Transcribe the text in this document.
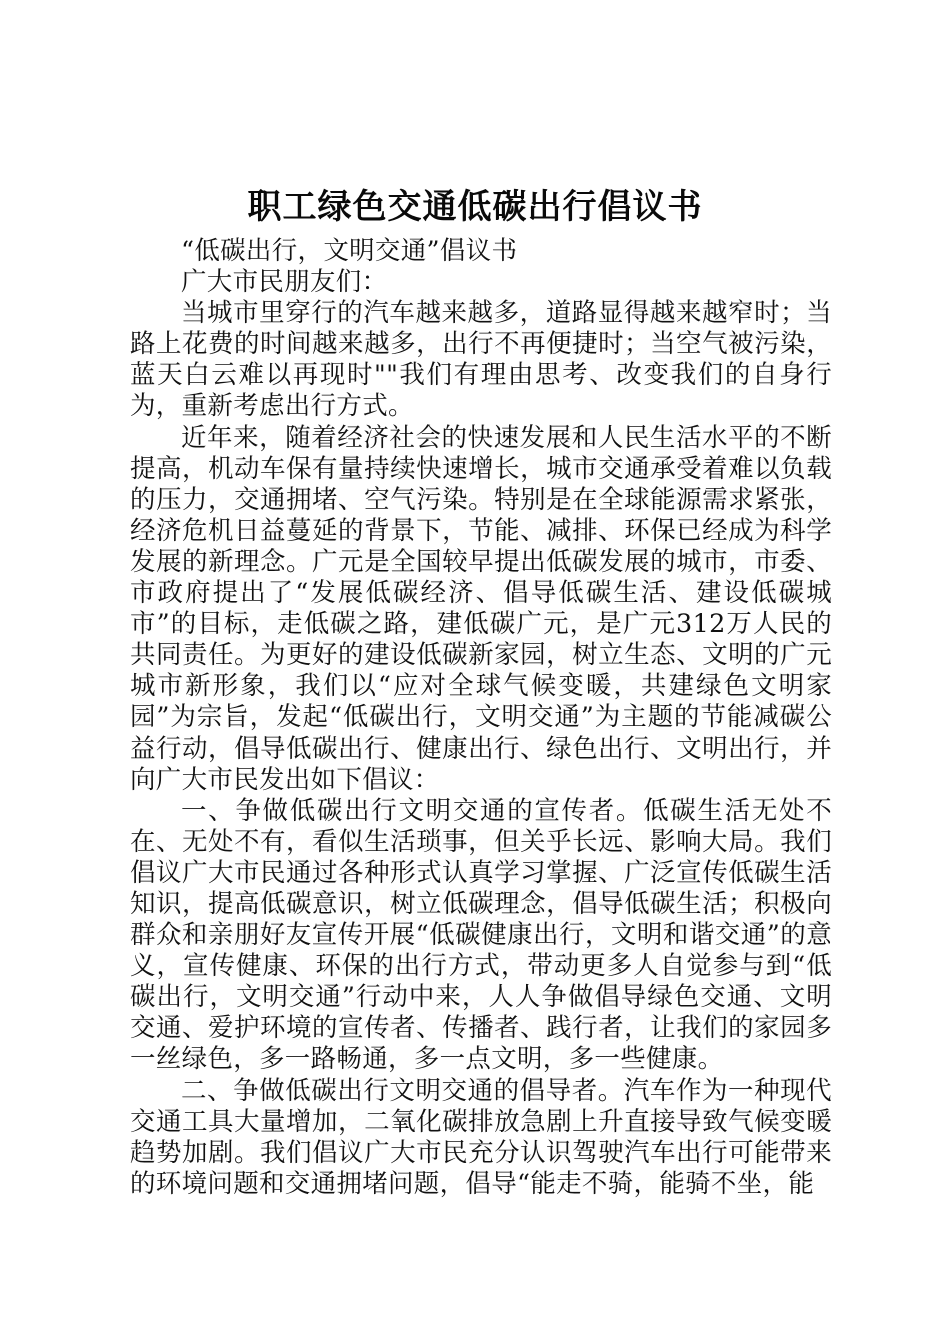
职工绿色交通低碳出行倡议书

“低碳出行，文明交通”倡议书

广大市民朋友们：

当城市里穿行的汽车越来越多，道路显得越来越窄时；当路上花费的时间越来越多，出行不再便捷时；当空气被污染，蓝天白云难以再现时""我们有理由思考、改变我们的自身行为，重新考虑出行方式。

近年来，随着经济社会的快速发展和人民生活水平的不断提高，机动车保有量持续快速增长，城市交通承受着难以负载的压力，交通拥堵、空气污染。特别是在全球能源需求紧张，经济危机日益蔓延的背景下，节能、减排、环保已经成为科学发展的新理念。广元是全国较早提出低碳发展的城市，市委、市政府提出了“发展低碳经济、倡导低碳生活、建设低碳城市”的目标，走低碳之路，建低碳广元，是广元312万人民的共同责任。为更好的建设低碳新家园，树立生态、文明的广元城市新形象，我们以“应对全球气候变暖，共建绿色文明家园”为宗旨，发起“低碳出行，文明交通”为主题的节能减碳公益行动，倡导低碳出行、健康出行、绿色出行、文明出行，并向广大市民发出如下倡议：

一、争做低碳出行文明交通的宣传者。低碳生活无处不在、无处不有，看似生活琐事，但关乎长远、影响大局。我们倡议广大市民通过各种形式认真学习掌握、广泛宣传低碳生活知识，提高低碳意识，树立低碳理念，倡导低碳生活；积极向群众和亲朋好友宣传开展“低碳健康出行，文明和谐交通”的意义，宣传健康、环保的出行方式，带动更多人自觉参与到“低碳出行，文明交通”行动中来，人人争做倡导绿色交通、文明交通、爱护环境的宣传者、传播者、践行者，让我们的家园多一丝绿色，多一路畅通，多一点文明，多一些健康。

二、争做低碳出行文明交通的倡导者。汽车作为一种现代交通工具大量增加，二氧化碳排放急剧上升直接导致气候变暖趋势加剧。我们倡议广大市民充分认识驾驶汽车出行可能带来的环境问题和交通拥堵问题，倡导“能走不骑，能骑不坐，能
